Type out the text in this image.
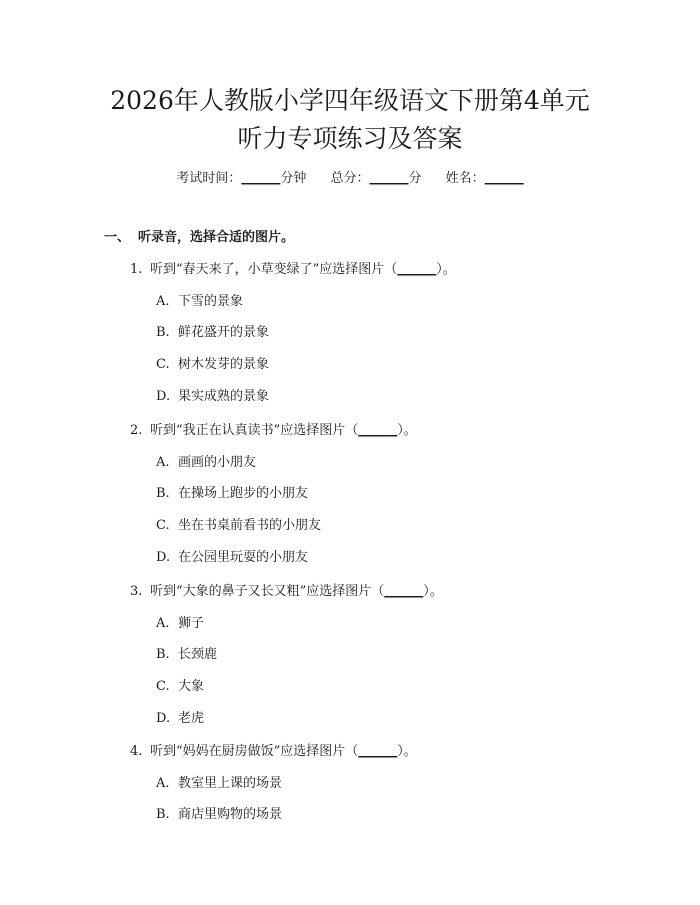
2026年人教版小学四年级语文下册第4单元
听力专项练习及答案
考试时间：______分钟 总分：______分 姓名：______
一、 听录音，选择合适的图片。
1. 听到“春天来了，小草变绿了”应选择图片（______）。
A. 下雪的景象
B. 鲜花盛开的景象
C. 树木发芽的景象
D. 果实成熟的景象
2. 听到“我正在认真读书”应选择图片（______）。
A. 画画的小朋友
B. 在操场上跑步的小朋友
C. 坐在书桌前看书的小朋友
D. 在公园里玩耍的小朋友
3. 听到“大象的鼻子又长又粗”应选择图片（______）。
A. 狮子
B. 长颈鹿
C. 大象
D. 老虎
4. 听到“妈妈在厨房做饭”应选择图片（______）。
A. 教室里上课的场景
B. 商店里购物的场景
